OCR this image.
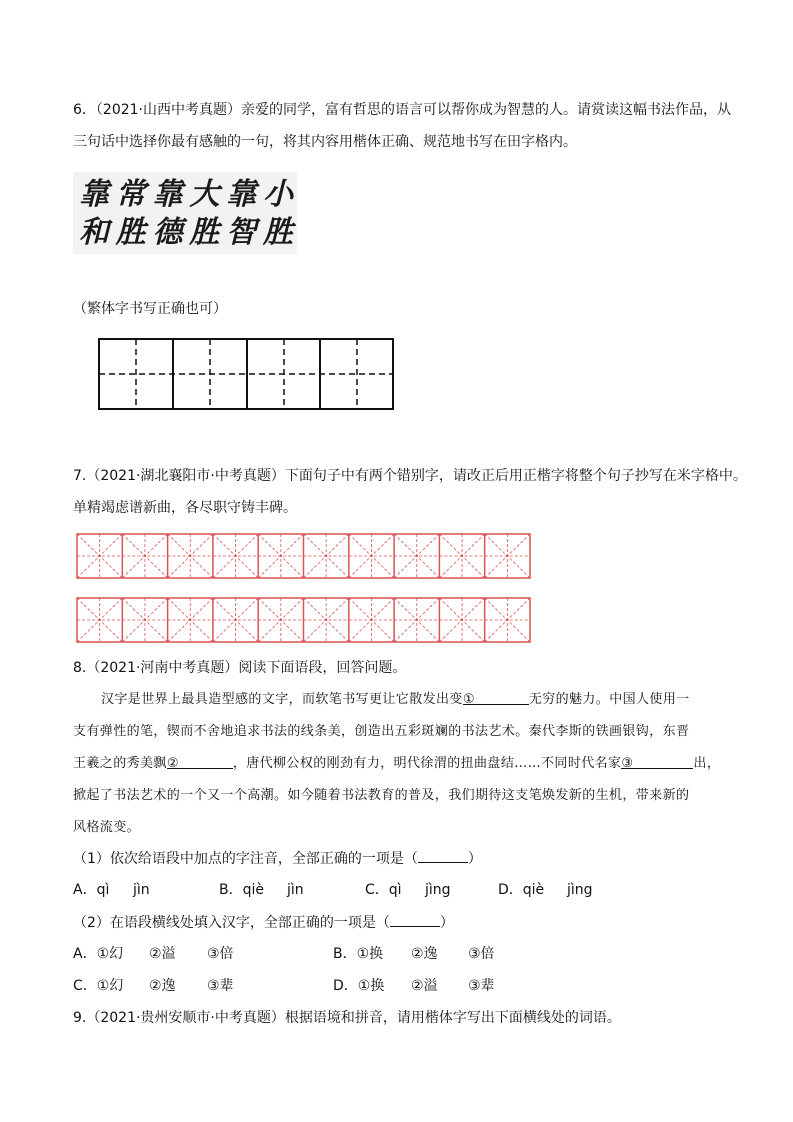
6．（2021·山西中考真题）亲爱的同学，富有哲思的语言可以帮你成为智慧的人。请赏读这幅书法作品，从
三句话中选择你最有感触的一句，将其内容用楷体正确、规范地书写在田字格内。
靠 常 靠 大 靠 小
和 胜 德 胜 智 胜
（繁体字书写正确也可）
7.（2021·湖北襄阳市·中考真题）下面句子中有两个错别字，请改正后用正楷字将整个句子抄写在米字格中。
单精竭虑谱新曲，各尽职守铸丰碑。
8.（2021·河南中考真题）阅读下面语段，回答问题。
汉字是世界上最具造型感的文字，而软笔书写更让它散发出变①	无穷的魅力。中国人使用一
支有弹性的笔，锲而不舍地追求书法的线条美，创造出五彩斑斓的书法艺术。秦代李斯的铁画银钩，东晋
王羲之的秀美飘②	，唐代柳公权的刚劲有力，明代徐渭的扭曲盘结……不同时代名家③	出，
掀起了书法艺术的一个又一个高潮。如今随着书法教育的普及，我们期待这支笔焕发新的生机，带来新的
风格流变。
（1）依次给语段中加点的字注音，全部正确的一项是（	）
A．qì jìn	B．qiè jìn	C．qì jìng	D．qiè jìng
（2）在语段横线处填入汉字，全部正确的一项是（	）
A．①幻 ②溢 ③倍	B．①换 ②逸 ③倍
C．①幻 ②逸 ③辈	D．①换 ②溢 ③辈
9.（2021·贵州安顺市·中考真题）根据语境和拼音，请用楷体字写出下面横线处的词语。
